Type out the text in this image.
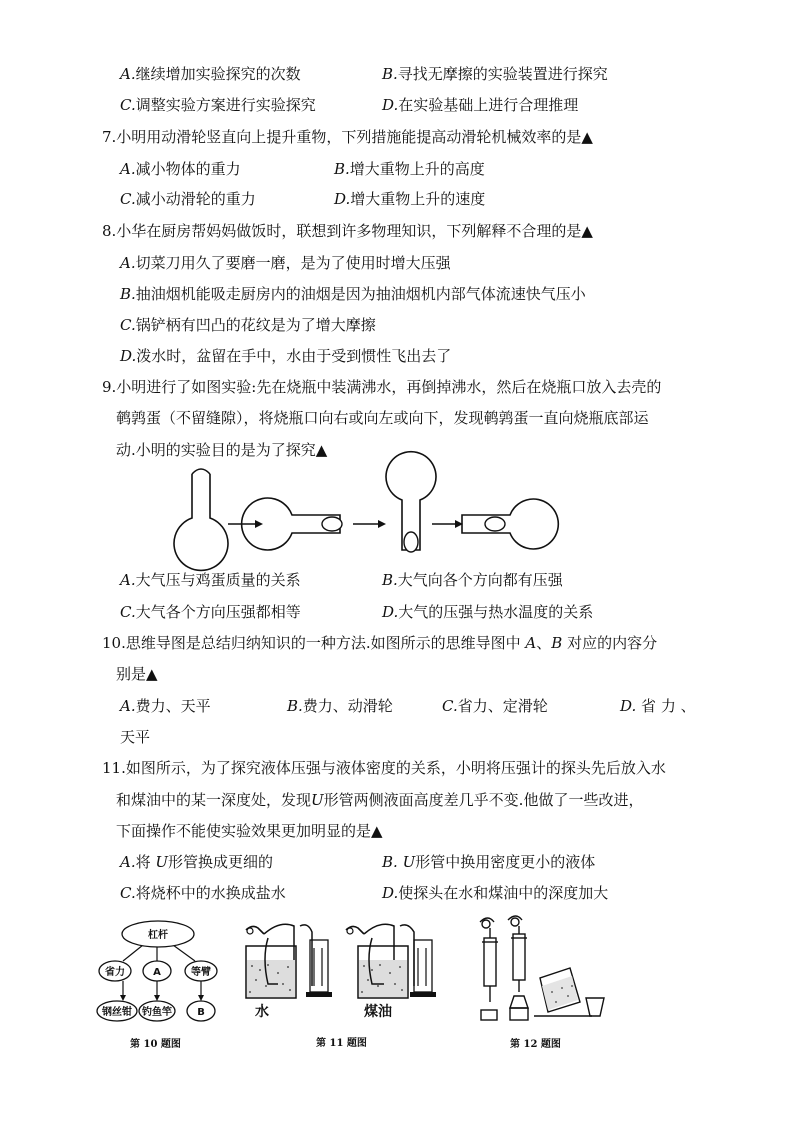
A.继续增加实验探究的次数	B.寻找无摩擦的实验装置进行探究
C.调整实验方案进行实验探究	D.在实验基础上进行合理推理
7.小明用动滑轮竖直向上提升重物，下列措施能提高动滑轮机械效率的是▲
A.减小物体的重力	B.增大重物上升的高度
C.减小动滑轮的重力	D.增大重物上升的速度
8.小华在厨房帮妈妈做饭时，联想到许多物理知识，下列解释不合理的是▲
A.切菜刀用久了要磨一磨，是为了使用时增大压强
B.抽油烟机能吸走厨房内的油烟是因为抽油烟机内部气体流速快气压小
C.锅铲柄有凹凸的花纹是为了增大摩擦
D.泼水时，盆留在手中，水由于受到惯性飞出去了
9.小明进行了如图实验:先在烧瓶中装满沸水，再倒掉沸水，然后在烧瓶口放入去壳的
鹌鹑蛋（不留缝隙），将烧瓶口向右或向左或向下，发现鹌鹑蛋一直向烧瓶底部运
动.小明的实验目的是为了探究▲
A.大气压与鸡蛋质量的关系	B.大气向各个方向都有压强
C.大气各个方向压强都相等	D.大气的压强与热水温度的关系
10.思维导图是总结归纳知识的一种方法.如图所示的思维导图中 A、B 对应的内容分
别是▲
A.费力、天平	B.费力、动滑轮	C.省力、定滑轮	D. 省 力 、
天平
11.如图所示，为了探究液体压强与液体密度的关系，小明将压强计的探头先后放入水
和煤油中的某一深度处，发现U形管两侧液面高度差几乎不变.他做了一些改进，
下面操作不能使实验效果更加明显的是▲
A.将 U形管换成更细的	B. U形管中换用密度更小的液体
C.将烧杯中的水换成盐水	D.使探头在水和煤油中的深度加大
杠杆
省力	A	等臂
钢丝钳 钓鱼竿	B	水	煤油
第 10 题图	第 11 题图	第 12 题图
